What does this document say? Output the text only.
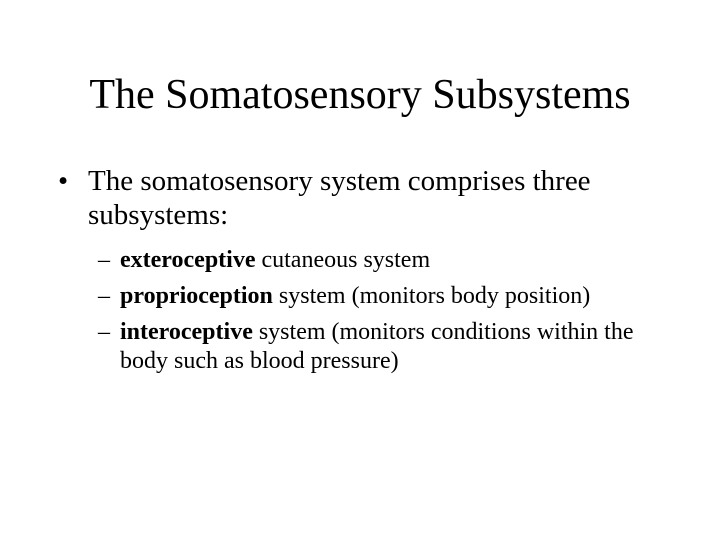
The Somatosensory Subsystems
• The somatosensory system comprises three subsystems:
– exteroceptive cutaneous system
– proprioception system (monitors body position)
– interoceptive system (monitors conditions within the body such as blood pressure)
